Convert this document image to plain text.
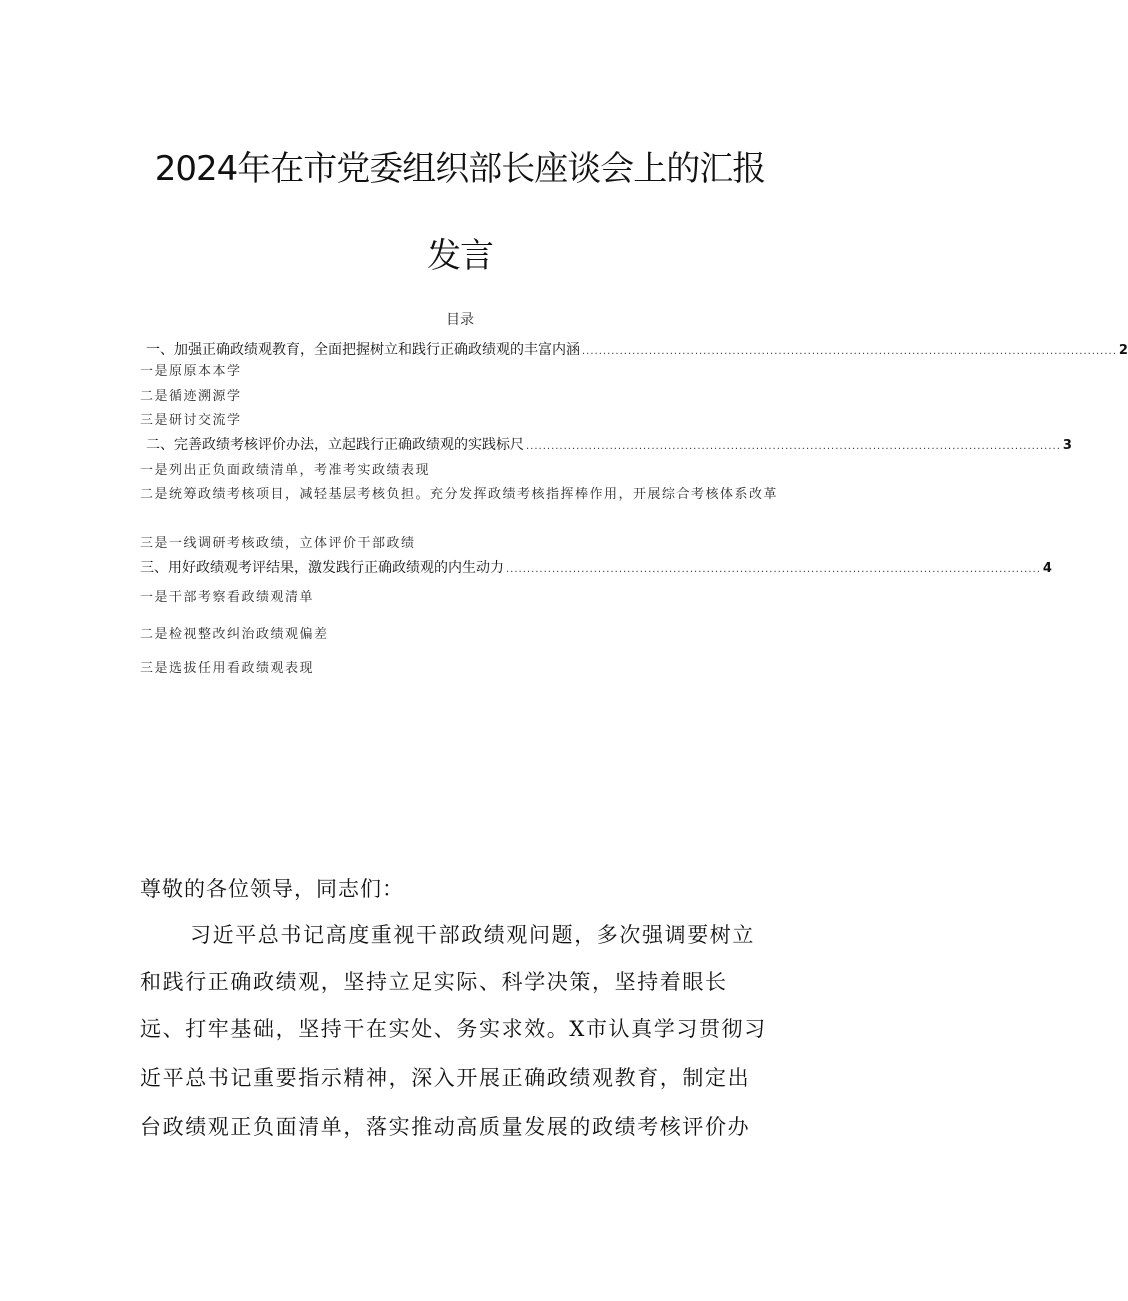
2024年在市党委组织部长座谈会上的汇报
发言
目录
一、加强正确政绩观教育，全面把握树立和践行正确政绩观的丰富内涵 ................................................................................................................................ 2
一是原原本本学
二是循迹溯源学
三是研讨交流学
二、完善政绩考核评价办法，立起践行正确政绩观的实践标尺 ................................................................................................................................ 3
一是列出正负面政绩清单，考准考实政绩表现
二是统筹政绩考核项目，减轻基层考核负担。充分发挥政绩考核指挥棒作用，开展综合考核体系改革
三是一线调研考核政绩，立体评价干部政绩
三、用好政绩观考评结果，激发践行正确政绩观的内生动力 ................................................................................................................................ 4
一是干部考察看政绩观清单
二是检视整改纠治政绩观偏差
三是选拔任用看政绩观表现
尊敬的各位领导，同志们：
习近平总书记高度重视干部政绩观问题，多次强调要树立
和践行正确政绩观，坚持立足实际、科学决策，坚持着眼长
远、打牢基础，坚持干在实处、务实求效。X市认真学习贯彻习
近平总书记重要指示精神，深入开展正确政绩观教育，制定出
台政绩观正负面清单，落实推动高质量发展的政绩考核评价办
